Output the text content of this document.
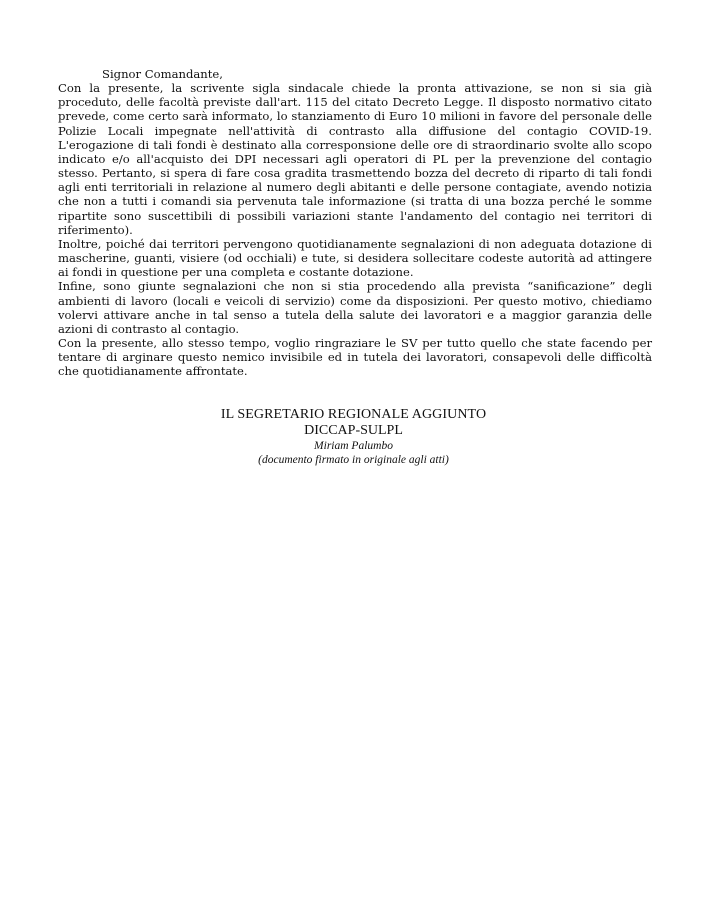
Signor Comandante,

Con la presente, la scrivente sigla sindacale chiede la pronta attivazione, se non si sia già proceduto, delle facoltà previste dall'art. 115 del citato Decreto Legge. Il disposto normativo citato prevede, come certo sarà informato, lo stanziamento di Euro 10 milioni in favore del personale delle Polizie Locali impegnate nell'attività di contrasto alla diffusione del contagio COVID-19. L'erogazione di tali fondi è destinato alla corresponsione delle ore di straordinario svolte allo scopo indicato e/o all'acquisto dei DPI necessari agli operatori di PL per la prevenzione del contagio stesso. Pertanto, si spera di fare cosa gradita trasmettendo bozza del decreto di riparto di tali fondi agli enti territoriali in relazione al numero degli abitanti e delle persone contagiate, avendo notizia che non a tutti i comandi sia pervenuta tale informazione (si tratta di una bozza perché le somme ripartite sono suscettibili di possibili variazioni stante l'andamento del contagio nei territori di riferimento).

Inoltre, poiché dai territori pervengono quotidianamente segnalazioni di non adeguata dotazione di mascherine, guanti, visiere (od occhiali) e tute, si desidera sollecitare codeste autorità ad attingere ai fondi in questione per una completa e costante dotazione.

Infine, sono giunte segnalazioni che non si stia procedendo alla prevista “sanificazione” degli ambienti di lavoro (locali e veicoli di servizio) come da disposizioni. Per questo motivo, chiediamo volervi attivare anche in tal senso a tutela della salute dei lavoratori e a maggior garanzia delle azioni di contrasto al contagio.

Con la presente, allo stesso tempo, voglio ringraziare le SV per tutto quello che state facendo per tentare di arginare questo nemico invisibile ed in tutela dei lavoratori, consapevoli delle difficoltà che quotidianamente affrontate.

IL SEGRETARIO REGIONALE AGGIUNTO
DICCAP-SULPL
Miriam Palumbo
(documento firmato in originale agli atti)
